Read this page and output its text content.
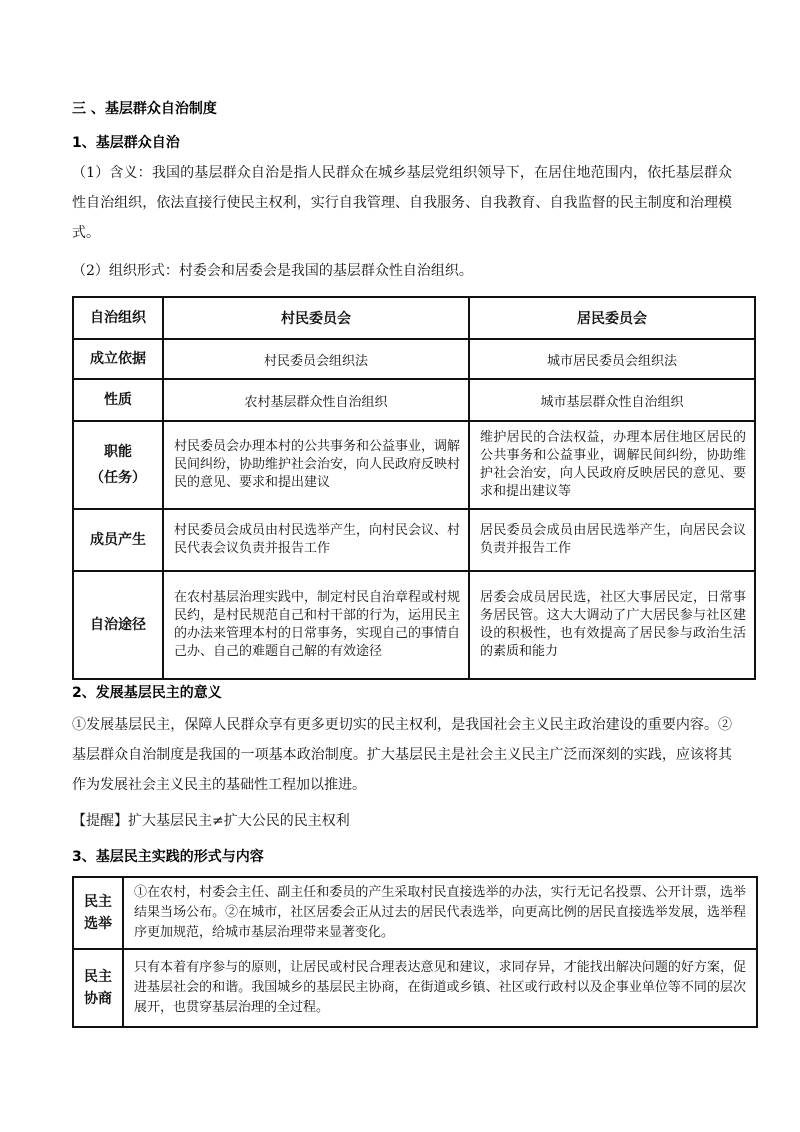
三 、基层群众自治制度
1、基层群众自治
（1）含义：我国的基层群众自治是指人民群众在城乡基层党组织领导下，在居住地范围内，依托基层群众性自治组织，依法直接行使民主权利，实行自我管理、自我服务、自我教育、自我监督的民主制度和治理模式。
（2）组织形式：村委会和居委会是我国的基层群众性自治组织。
自治组织	村民委员会	居民委员会
成立依据	村民委员会组织法	城市居民委员会组织法
性质	农村基层群众性自治组织	城市基层群众性自治组织

职能
（任务）	村民委员会办理本村的公共事务和公益事业，调解民间纠纷，协助维护社会治安，向人民政府反映村民的意见、要求和提出建议	维护居民的合法权益，办理本居住地区居民的公共事务和公益事业，调解民间纠纷，协助维护社会治安，向人民政府反映居民的意见、要求和提出建议等
成员产生	村民委员会成员由村民选举产生，向村民会议、村民代表会议负责并报告工作	居民委员会成员由居民选举产生，向居民会议负责并报告工作
自治途径	在农村基层治理实践中，制定村民自治章程或村规民约，是村民规范自己和村干部的行为，运用民主的办法来管理本村的日常事务，实现自己的事情自己办、自己的难题自己解的有效途径	居委会成员居民选，社区大事居民定，日常事务居民管。这大大调动了广大居民参与社区建设的积极性，也有效提高了居民参与政治生活的素质和能力
2、发展基层民主的意义
①发展基层民主，保障人民群众享有更多更切实的民主权利，是我国社会主义民主政治建设的重要内容。②基层群众自治制度是我国的一项基本政治制度。扩大基层民主是社会主义民主广泛而深刻的实践，应该将其作为发展社会主义民主的基础性工程加以推进。
【提醒】扩大基层民主≠扩大公民的民主权利
3、基层民主实践的形式与内容
民主
选举	①在农村，村委会主任、副主任和委员的产生采取村民直接选举的办法，实行无记名投票、公开计票，选举结果当场公布。②在城市，社区居委会正从过去的居民代表选举，向更高比例的居民直接选举发展，选举程序更加规范，给城市基层治理带来显著变化。

民主
协商	只有本着有序参与的原则，让居民或村民合理表达意见和建议，求同存异，才能找出解决问题的好方案，促进基层社会的和谐。我国城乡的基层民主协商，在街道或乡镇、社区或行政村以及企事业单位等不同的层次展开，也贯穿基层治理的全过程。
